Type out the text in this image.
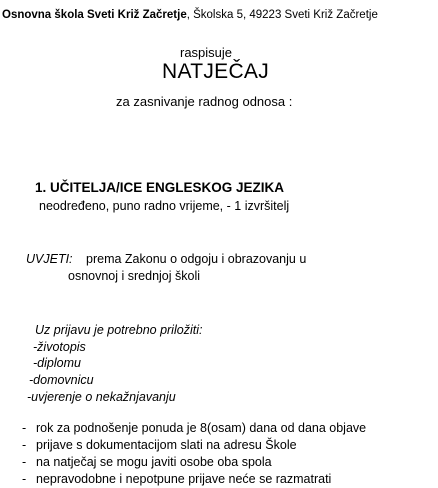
Osnovna škola Sveti Križ Začretje, Školska 5, 49223 Sveti Križ Začretje
raspisuje
NATJEČAJ
za zasnivanje radnog odnosa :
1. UČITELJA/ICE ENGLESKOG JEZIKA
neodređeno, puno radno vrijeme, - 1 izvršitelj
UVJETI: prema Zakonu o odgoju i obrazovanju u
osnovnoj i srednjoj školi
Uz prijavu je potrebno priložiti:
-životopis
-diplomu
-domovnicu
-uvjerenje o nekažnjavanju
- rok za podnošenje ponuda je 8(osam) dana od dana objave
- prijave s dokumentacijom slati na adresu Škole
- na natječaj se mogu javiti osobe oba spola
- nepravodobne i nepotpune prijave neće se razmatrati
